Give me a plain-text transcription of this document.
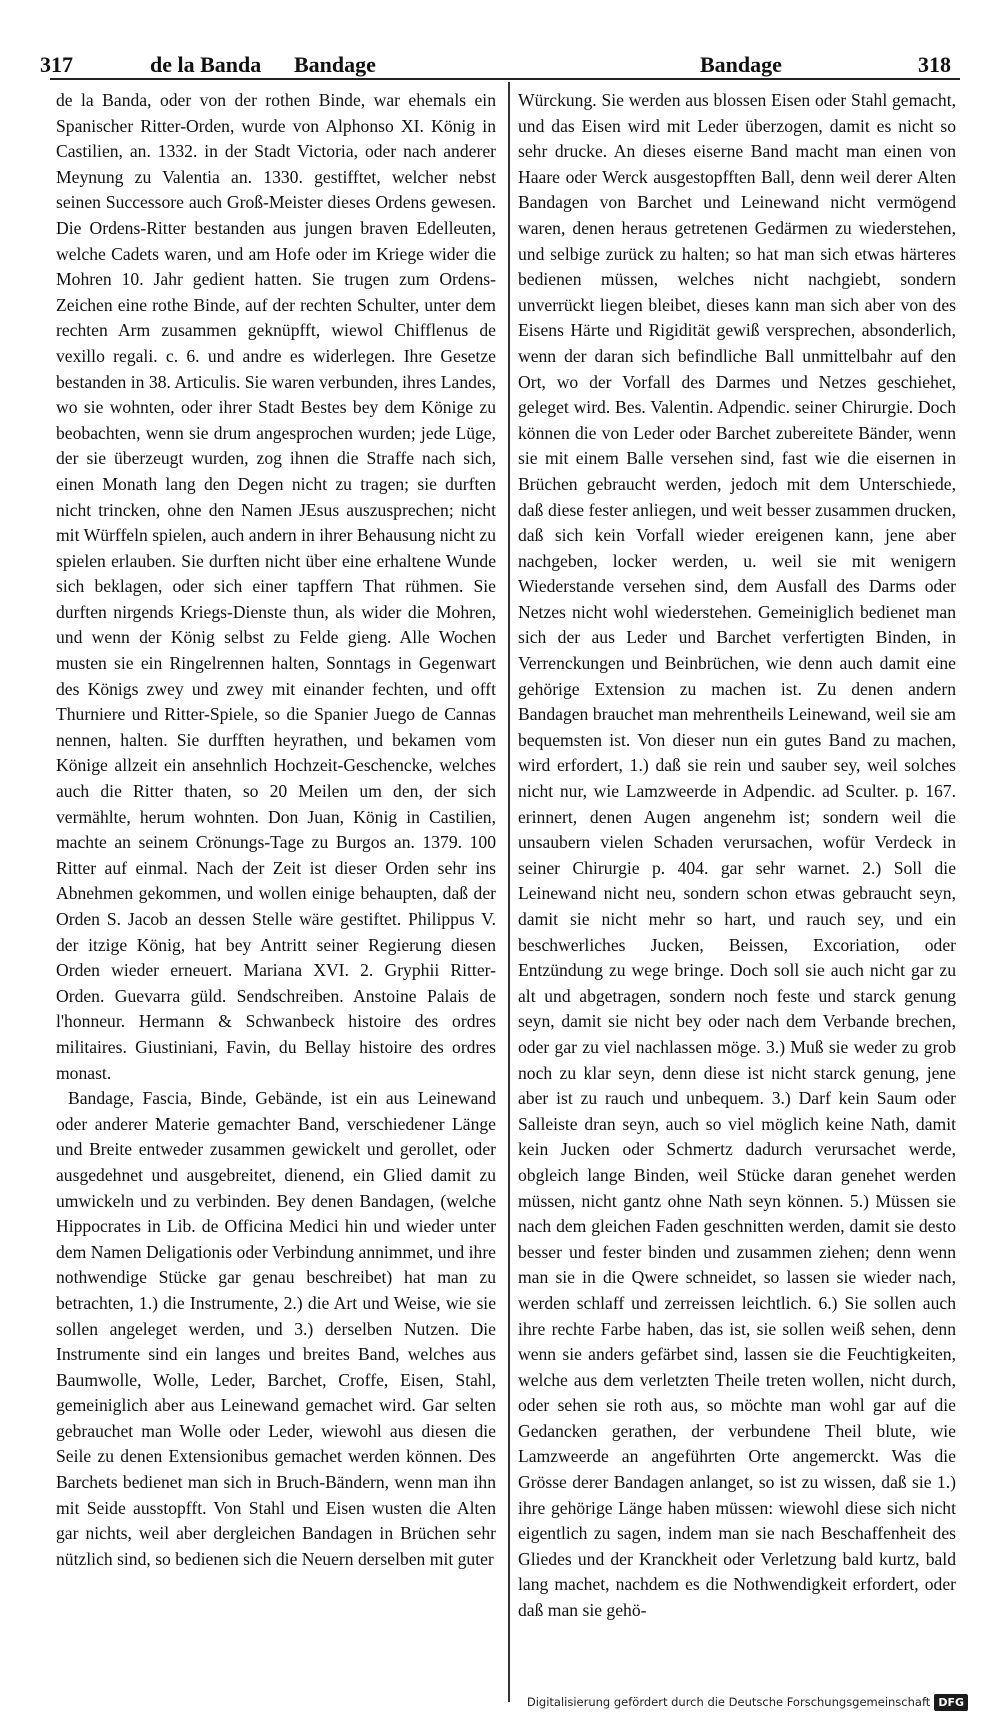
317	de la Banda Bandage	Bandage	318

de la Banda, oder von der rothen Binde, war ehemals ein Spanischer Ritter-Orden, wurde von Alphonso XI. König in Castilien, an. 1332. in der Stadt Victoria, oder nach anderer Meynung zu Valentia an. 1330. gestifftet, welcher nebst seinen Successore auch Groß-Meister dieses Ordens gewesen. Die Ordens-Ritter bestanden aus jungen braven Edelleuten, welche Cadets waren, und am Hofe oder im Kriege wider die Mohren 10. Jahr gedient hatten. Sie trugen zum Ordens-Zeichen eine rothe Binde, auf der rechten Schulter, unter dem rechten Arm zusammen geknüpfft, wiewol Chifflenus de vexillo regali. c. 6. und andre es widerlegen. Ihre Gesetze bestanden in 38. Articulis. Sie waren verbunden, ihres Landes, wo sie wohnten, oder ihrer Stadt Bestes bey dem Könige zu beobachten, wenn sie drum angesprochen wurden; jede Lüge, der sie überzeugt wurden, zog ihnen die Straffe nach sich, einen Monath lang den Degen nicht zu tragen; sie durften nicht trincken, ohne den Namen JEsus auszusprechen; nicht mit Würffeln spielen, auch andern in ihrer Behausung nicht zu spielen erlauben. Sie durften nicht über eine erhaltene Wunde sich beklagen, oder sich einer tapffern That rühmen. Sie durften nirgends Kriegs-Dienste thun, als wider die Mohren, und wenn der König selbst zu Felde gieng. Alle Wochen musten sie ein Ringelrennen halten, Sonntags in Gegenwart des Königs zwey und zwey mit einander fechten, und offt Thurniere und Ritter-Spiele, so die Spanier Juego de Cannas nennen, halten. Sie durfften heyrathen, und bekamen vom Könige allzeit ein ansehnlich Hochzeit-Geschencke, welches auch die Ritter thaten, so 20 Meilen um den, der sich vermählte, herum wohnten. Don Juan, König in Castilien, machte an seinem Crönungs-Tage zu Burgos an. 1379. 100 Ritter auf einmal. Nach der Zeit ist dieser Orden sehr ins Abnehmen gekommen, und wollen einige behaupten, daß der Orden S. Jacob an dessen Stelle wäre gestiftet. Philippus V. der itzige König, hat bey Antritt seiner Regierung diesen Orden wieder erneuert. Mariana XVI. 2. Gryphii Ritter-Orden. Guevarra güld. Sendschreiben. Anstoine Palais de l'honneur. Hermann & Schwanbeck histoire des ordres militaires. Giustiniani, Favin, du Bellay histoire des ordres monast.

Bandage, Fascia, Binde, Gebände, ist ein aus Leinewand oder anderer Materie gemachter Band, verschiedener Länge und Breite entweder zusammen gewickelt und gerollet, oder ausgedehnet und ausgebreitet, dienend, ein Glied damit zu umwickeln und zu verbinden. Bey denen Bandagen, (welche Hippocrates in Lib. de Officina Medici hin und wieder unter dem Namen Deligationis oder Verbindung annimmet, und ihre nothwendige Stücke gar genau beschreibet) hat man zu betrachten, 1.) die Instrumente, 2.) die Art und Weise, wie sie sollen angeleget werden, und 3.) derselben Nutzen. Die Instrumente sind ein langes und breites Band, welches aus Baumwolle, Wolle, Leder, Barchet, Croffe, Eisen, Stahl, gemeiniglich aber aus Leinewand gemachet wird. Gar selten gebrauchet man Wolle oder Leder, wiewohl aus diesen die Seile zu denen Extensionibus gemachet werden können. Des Barchets bedienet man sich in Bruch-Bändern, wenn man ihn mit Seide ausstopfft. Von Stahl und Eisen wusten die Alten gar nichts, weil aber dergleichen Bandagen in Brüchen sehr nützlich sind, so bedienen sich die Neuern derselben mit guter

Würckung. Sie werden aus blossen Eisen oder Stahl gemacht, und das Eisen wird mit Leder überzogen, damit es nicht so sehr drucke. An dieses eiserne Band macht man einen von Haare oder Werck ausgestopfften Ball, denn weil derer Alten Bandagen von Barchet und Leinewand nicht vermögend waren, denen heraus getretenen Gedärmen zu wiederstehen, und selbige zurück zu halten; so hat man sich etwas härteres bedienen müssen, welches nicht nachgiebt, sondern unverrückt liegen bleibet, dieses kann man sich aber von des Eisens Härte und Rigidität gewiß versprechen, absonderlich, wenn der daran sich befindliche Ball unmittelbahr auf den Ort, wo der Vorfall des Darmes und Netzes geschiehet, geleget wird. Bes. Valentin. Adpendic. seiner Chirurgie. Doch können die von Leder oder Barchet zubereitete Bänder, wenn sie mit einem Balle versehen sind, fast wie die eisernen in Brüchen gebraucht werden, jedoch mit dem Unterschiede, daß diese fester anliegen, und weit besser zusammen drucken, daß sich kein Vorfall wieder ereigenen kann, jene aber nachgeben, locker werden, u. weil sie mit wenigern Wiederstande versehen sind, dem Ausfall des Darms oder Netzes nicht wohl wiederstehen. Gemeiniglich bedienet man sich der aus Leder und Barchet verfertigten Binden, in Verrenckungen und Beinbrüchen, wie denn auch damit eine gehörige Extension zu machen ist. Zu denen andern Bandagen brauchet man mehrentheils Leinewand, weil sie am bequemsten ist. Von dieser nun ein gutes Band zu machen, wird erfordert, 1.) daß sie rein und sauber sey, weil solches nicht nur, wie Lamzweerde in Adpendic. ad Sculter. p. 167. erinnert, denen Augen angenehm ist; sondern weil die unsaubern vielen Schaden verursachen, wofür Verdeck in seiner Chirurgie p. 404. gar sehr warnet. 2.) Soll die Leinewand nicht neu, sondern schon etwas gebraucht seyn, damit sie nicht mehr so hart, und rauch sey, und ein beschwerliches Jucken, Beissen, Excoriation, oder Entzündung zu wege bringe. Doch soll sie auch nicht gar zu alt und abgetragen, sondern noch feste und starck genung seyn, damit sie nicht bey oder nach dem Verbande brechen, oder gar zu viel nachlassen möge. 3.) Muß sie weder zu grob noch zu klar seyn, denn diese ist nicht starck genung, jene aber ist zu rauch und unbequem. 3.) Darf kein Saum oder Salleiste dran seyn, auch so viel möglich keine Nath, damit kein Jucken oder Schmertz dadurch verursachet werde, obgleich lange Binden, weil Stücke daran genehet werden müssen, nicht gantz ohne Nath seyn können. 5.) Müssen sie nach dem gleichen Faden geschnitten werden, damit sie desto besser und fester binden und zusammen ziehen; denn wenn man sie in die Qwere schneidet, so lassen sie wieder nach, werden schlaff und zerreissen leichtlich. 6.) Sie sollen auch ihre rechte Farbe haben, das ist, sie sollen weiß sehen, denn wenn sie anders gefärbet sind, lassen sie die Feuchtigkeiten, welche aus dem verletzten Theile treten wollen, nicht durch, oder sehen sie roth aus, so möchte man wohl gar auf die Gedancken gerathen, der verbundene Theil blute, wie Lamzweerde an angeführten Orte angemerckt. Was die Grösse derer Bandagen anlanget, so ist zu wissen, daß sie 1.) ihre gehörige Länge haben müssen: wiewohl diese sich nicht eigentlich zu sagen, indem man sie nach Beschaffenheit des Gliedes und der Kranckheit oder Verletzung bald kurtz, bald lang machet, nachdem es die Nothwendigkeit erfordert, oder daß man sie gehö-

Digitalisierung gefördert durch die Deutsche Forschungsgemeinschaft DFG
